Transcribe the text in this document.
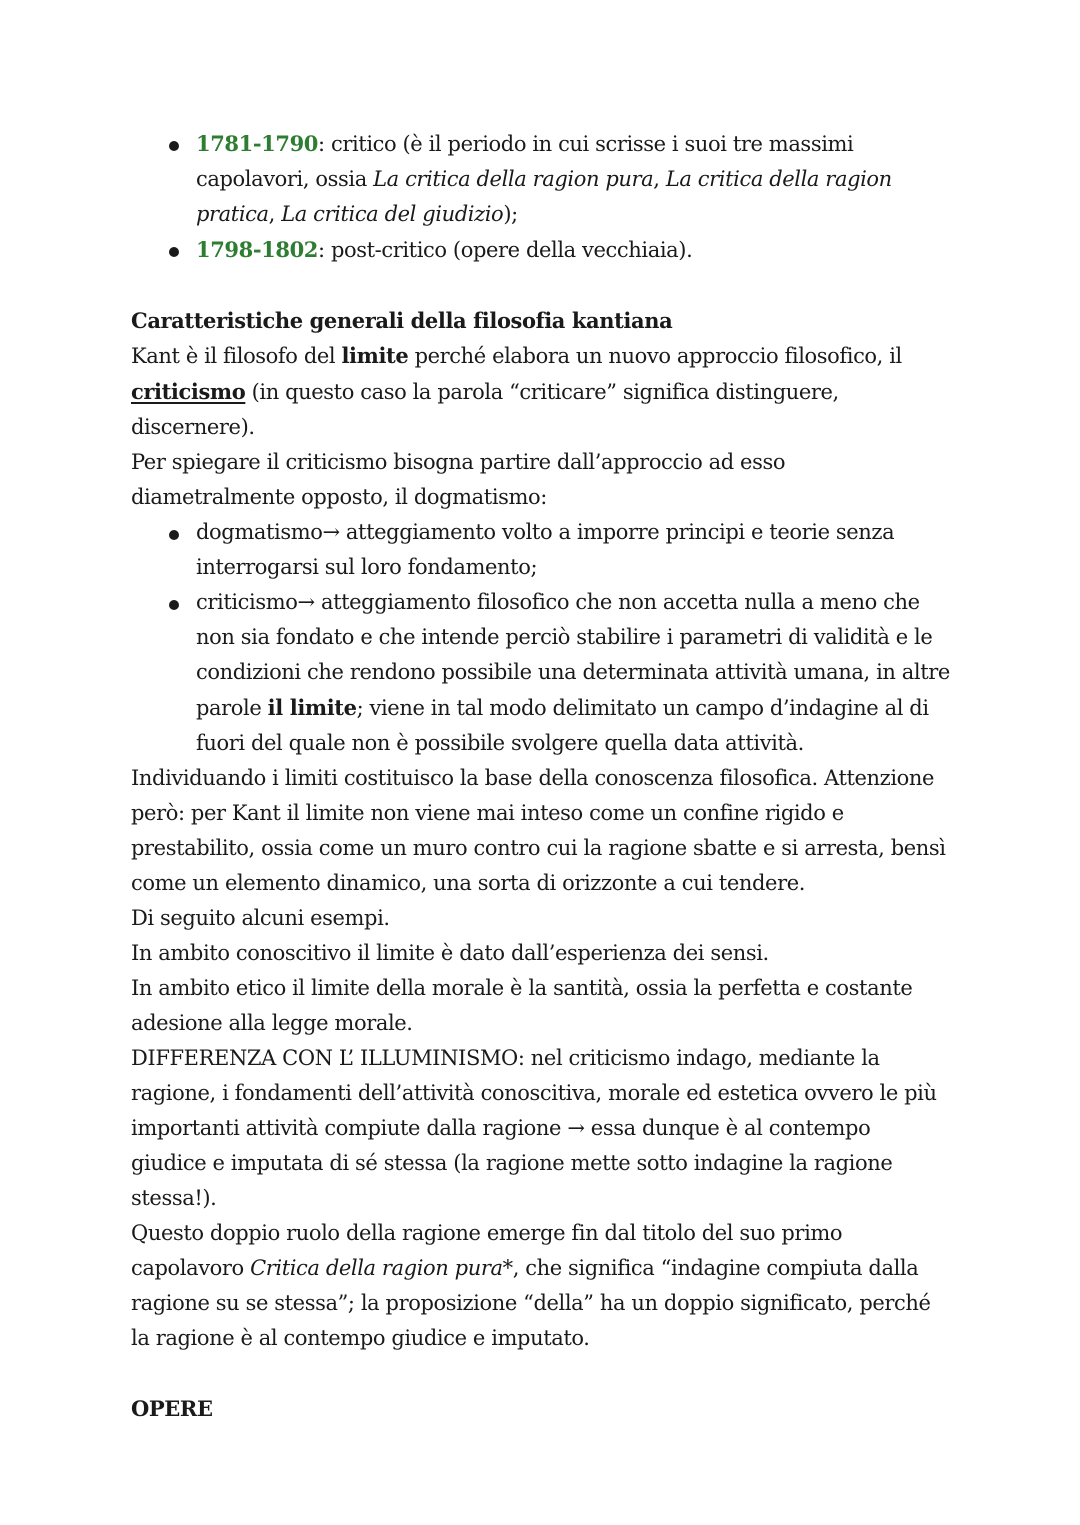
1781-1790: critico (è il periodo in cui scrisse i suoi tre massimi capolavori, ossia La critica della ragion pura, La critica della ragion pratica, La critica del giudizio);
1798-1802: post-critico (opere della vecchiaia).

Caratteristiche generali della filosofia kantiana

Kant è il filosofo del limite perché elabora un nuovo approccio filosofico, il criticismo (in questo caso la parola “criticare” significa distinguere, discernere).

Per spiegare il criticismo bisogna partire dall’approccio ad esso diametralmente opposto, il dogmatismo:

dogmatismo→ atteggiamento volto a imporre principi e teorie senza interrogarsi sul loro fondamento;
criticismo→ atteggiamento filosofico che non accetta nulla a meno che non sia fondato e che intende perciò stabilire i parametri di validità e le condizioni che rendono possibile una determinata attività umana, in altre parole il limite; viene in tal modo delimitato un campo d’indagine al di fuori del quale non è possibile svolgere quella data attività.

Individuando i limiti costituisco la base della conoscenza filosofica. Attenzione però: per Kant il limite non viene mai inteso come un confine rigido e prestabilito, ossia come un muro contro cui la ragione sbatte e si arresta, bensì come un elemento dinamico, una sorta di orizzonte a cui tendere.

Di seguito alcuni esempi.

In ambito conoscitivo il limite è dato dall’esperienza dei sensi.

In ambito etico il limite della morale è la santità, ossia la perfetta e costante adesione alla legge morale.

DIFFERENZA CON L’ ILLUMINISMO: nel criticismo indago, mediante la ragione, i fondamenti dell’attività conoscitiva, morale ed estetica ovvero le più importanti attività compiute dalla ragione → essa dunque è al contempo giudice e imputata di sé stessa (la ragione mette sotto indagine la ragione stessa!).

Questo doppio ruolo della ragione emerge fin dal titolo del suo primo capolavoro Critica della ragion pura*, che significa “indagine compiuta dalla ragione su se stessa”; la proposizione “della” ha un doppio significato, perché la ragione è al contempo giudice e imputato.

OPERE
